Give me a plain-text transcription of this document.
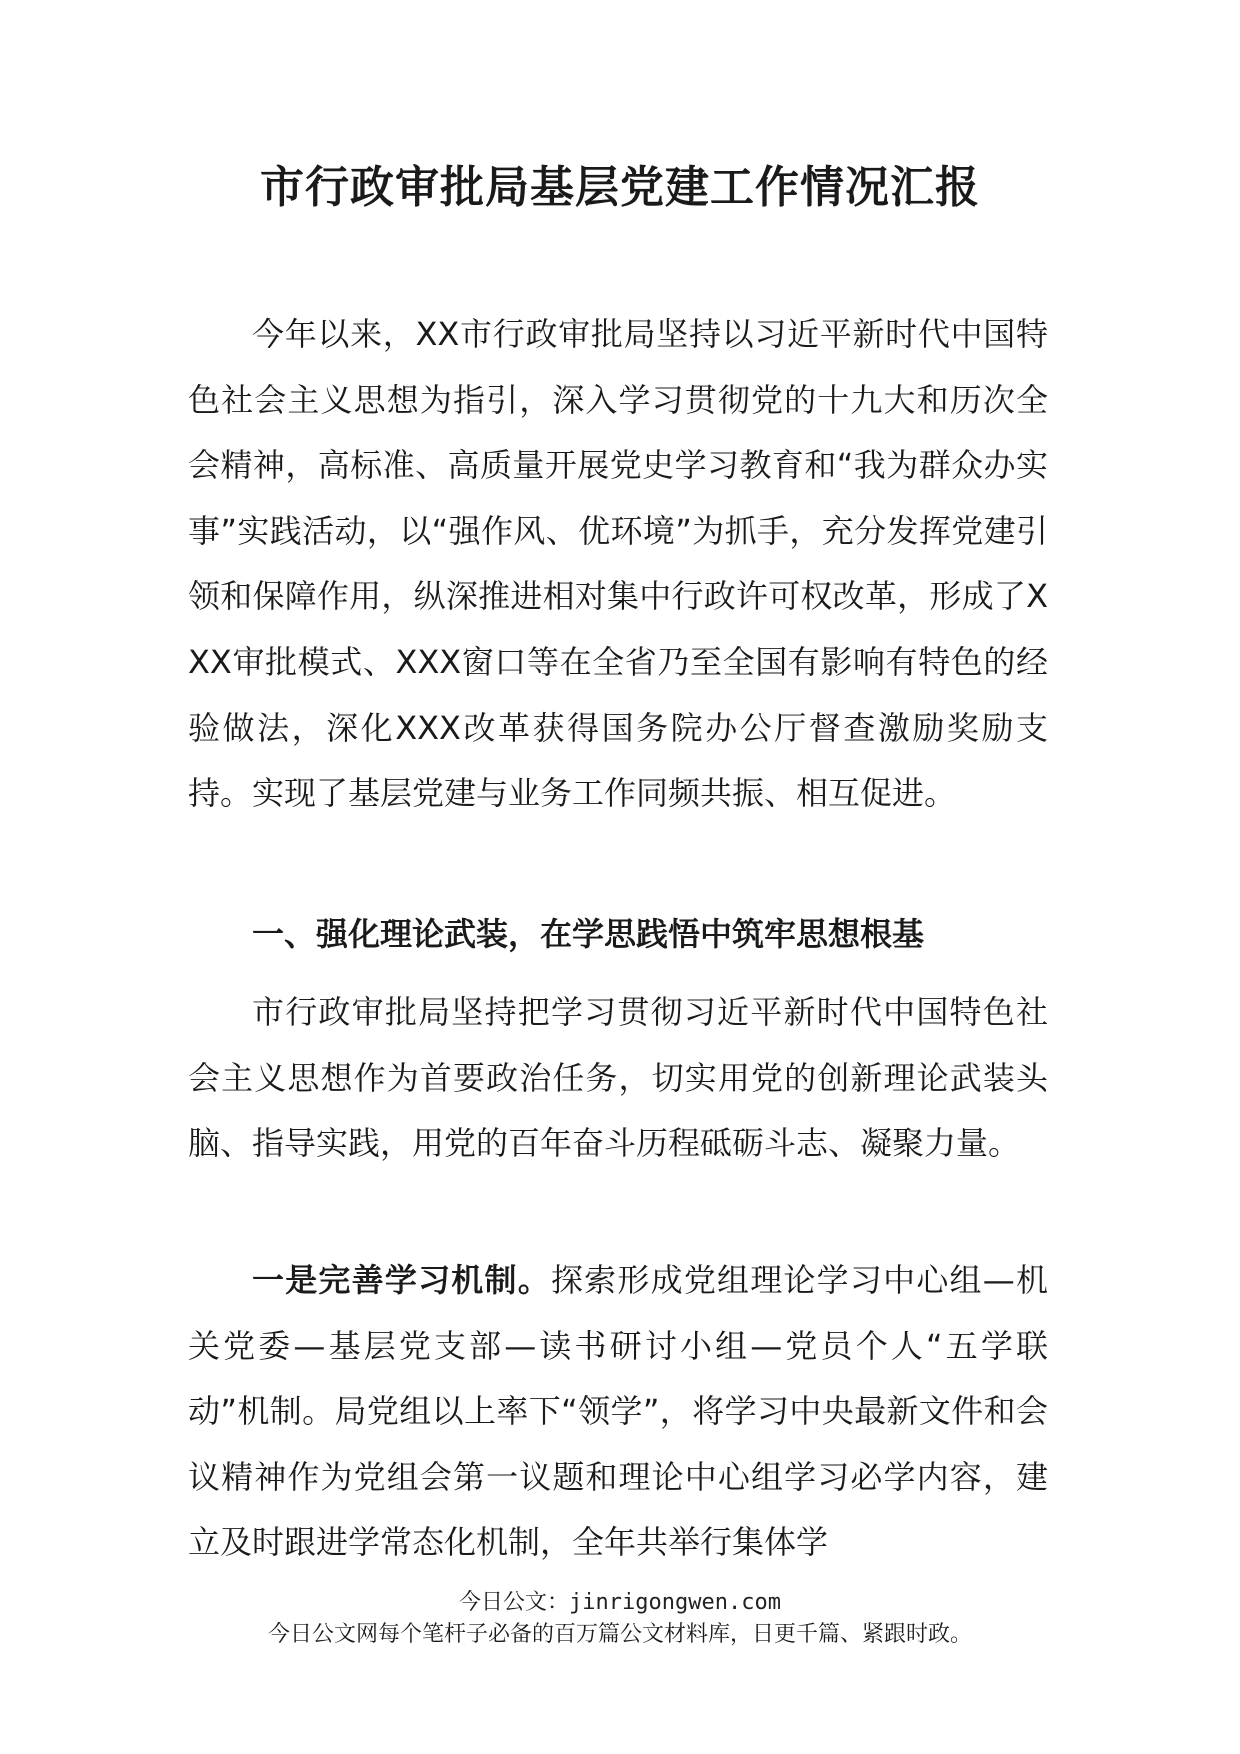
市行政审批局基层党建工作情况汇报

今年以来，XX市行政审批局坚持以习近平新时代中国特色社会主义思想为指引，深入学习贯彻党的十九大和历次全会精神，高标准、高质量开展党史学习教育和“我为群众办实事”实践活动，以“强作风、优环境”为抓手，充分发挥党建引领和保障作用，纵深推进相对集中行政许可权改革，形成了XXX审批模式、XXX窗口等在全省乃至全国有影响有特色的经验做法，深化XXX改革获得国务院办公厅督查激励奖励支持。实现了基层党建与业务工作同频共振、相互促进。

一、强化理论武装，在学思践悟中筑牢思想根基

市行政审批局坚持把学习贯彻习近平新时代中国特色社会主义思想作为首要政治任务，切实用党的创新理论武装头脑、指导实践，用党的百年奋斗历程砥砺斗志、凝聚力量。

一是完善学习机制。探索形成党组理论学习中心组—机关党委—基层党支部—读书研讨小组—党员个人“五学联动”机制。局党组以上率下“领学”，将学习中央最新文件和会议精神作为党组会第一议题和理论中心组学习必学内容，建立及时跟进学常态化机制，全年共举行集体学

今日公文：jinrigongwen.com
今日公文网每个笔杆子必备的百万篇公文材料库，日更千篇、紧跟时政。
